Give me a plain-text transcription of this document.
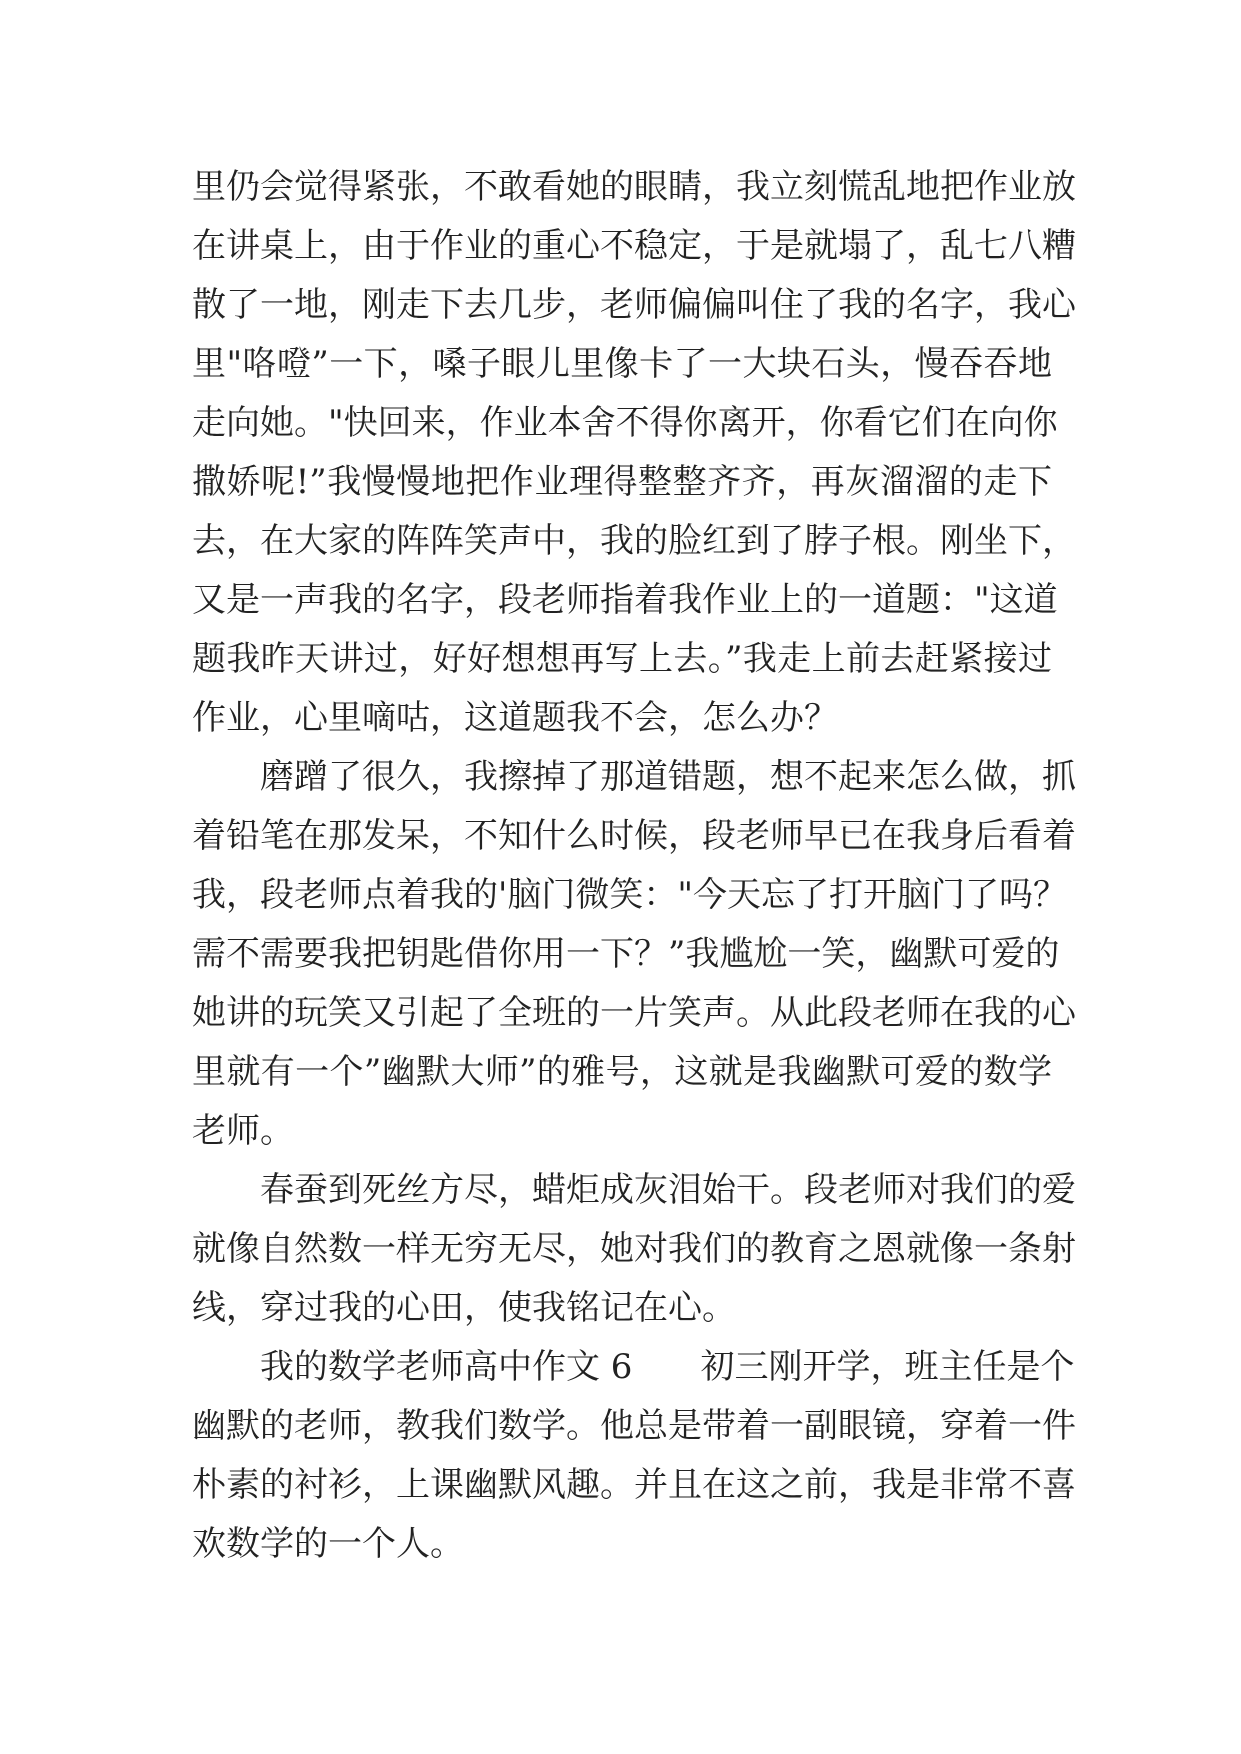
里仍会觉得紧张，不敢看她的眼睛，我立刻慌乱地把作业放
在讲桌上，由于作业的重心不稳定，于是就塌了，乱七八糟
散了一地，刚走下去几步，老师偏偏叫住了我的名字，我心
里"咯噔”一下，嗓子眼儿里像卡了一大块石头，慢吞吞地
走向她。"快回来，作业本舍不得你离开，你看它们在向你
撒娇呢!”我慢慢地把作业理得整整齐齐，再灰溜溜的走下
去，在大家的阵阵笑声中，我的脸红到了脖子根。刚坐下，
又是一声我的名字，段老师指着我作业上的一道题："这道
题我昨天讲过，好好想想再写上去。”我走上前去赶紧接过
作业，心里嘀咕，这道题我不会，怎么办？
磨蹭了很久，我擦掉了那道错题，想不起来怎么做，抓
着铅笔在那发呆，不知什么时候，段老师早已在我身后看着
我，段老师点着我的'脑门微笑："今天忘了打开脑门了吗？
需不需要我把钥匙借你用一下？”我尴尬一笑，幽默可爱的
她讲的玩笑又引起了全班的一片笑声。从此段老师在我的心
里就有一个”幽默大师”的雅号，这就是我幽默可爱的数学
老师。
春蚕到死丝方尽，蜡炬成灰泪始干。段老师对我们的爱
就像自然数一样无穷无尽，她对我们的教育之恩就像一条射
线，穿过我的心田，使我铭记在心。
我的数学老师高中作文 6　　初三刚开学，班主任是个
幽默的老师，教我们数学。他总是带着一副眼镜，穿着一件
朴素的衬衫，上课幽默风趣。并且在这之前，我是非常不喜
欢数学的一个人。
